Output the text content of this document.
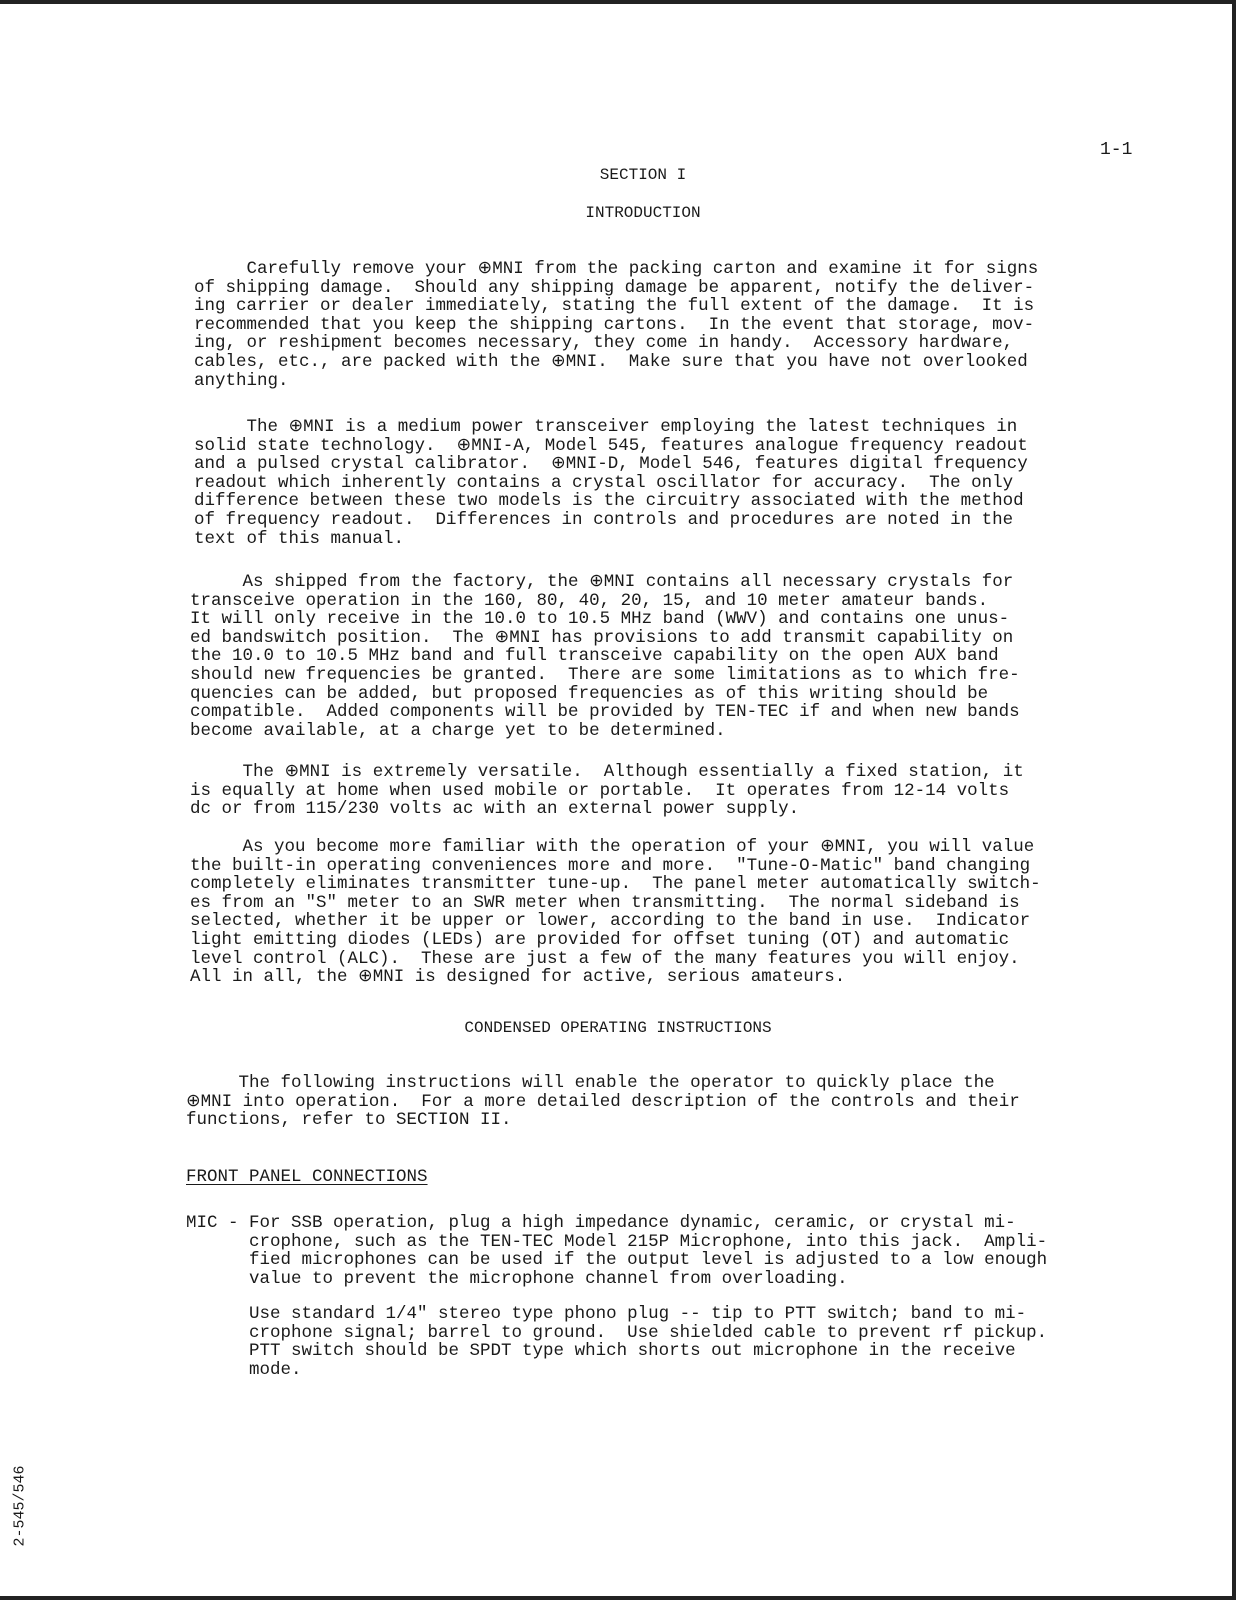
1-1
SECTION I
INTRODUCTION
Carefully remove your ⊕MNI from the packing carton and examine it for signs
of shipping damage.  Should any shipping damage be apparent, notify the deliver-
ing carrier or dealer immediately, stating the full extent of the damage.  It is
recommended that you keep the shipping cartons.  In the event that storage, mov-
ing, or reshipment becomes necessary, they come in handy.  Accessory hardware,
cables, etc., are packed with the ⊕MNI.  Make sure that you have not overlooked
anything.
The ⊕MNI is a medium power transceiver employing the latest techniques in
solid state technology.  ⊕MNI-A, Model 545, features analogue frequency readout
and a pulsed crystal calibrator.  ⊕MNI-D, Model 546, features digital frequency
readout which inherently contains a crystal oscillator for accuracy.  The only
difference between these two models is the circuitry associated with the method
of frequency readout.  Differences in controls and procedures are noted in the
text of this manual.
As shipped from the factory, the ⊕MNI contains all necessary crystals for
transceive operation in the 160, 80, 40, 20, 15, and 10 meter amateur bands.
It will only receive in the 10.0 to 10.5 MHz band (WWV) and contains one unus-
ed bandswitch position.  The ⊕MNI has provisions to add transmit capability on
the 10.0 to 10.5 MHz band and full transceive capability on the open AUX band
should new frequencies be granted.  There are some limitations as to which fre-
quencies can be added, but proposed frequencies as of this writing should be
compatible.  Added components will be provided by TEN-TEC if and when new bands
become available, at a charge yet to be determined.
The ⊕MNI is extremely versatile.  Although essentially a fixed station, it
is equally at home when used mobile or portable.  It operates from 12-14 volts
dc or from 115/230 volts ac with an external power supply.
As you become more familiar with the operation of your ⊕MNI, you will value
the built-in operating conveniences more and more.  "Tune-O-Matic" band changing
completely eliminates transmitter tune-up.  The panel meter automatically switch-
es from an "S" meter to an SWR meter when transmitting.  The normal sideband is
selected, whether it be upper or lower, according to the band in use.  Indicator
light emitting diodes (LEDs) are provided for offset tuning (OT) and automatic
level control (ALC).  These are just a few of the many features you will enjoy.
All in all, the ⊕MNI is designed for active, serious amateurs.
CONDENSED OPERATING INSTRUCTIONS
The following instructions will enable the operator to quickly place the
⊕MNI into operation.  For a more detailed description of the controls and their
functions, refer to SECTION II.
FRONT PANEL CONNECTIONS
MIC - For SSB operation, plug a high impedance dynamic, ceramic, or crystal mi-
crophone, such as the TEN-TEC Model 215P Microphone, into this jack.  Ampli-
fied microphones can be used if the output level is adjusted to a low enough
value to prevent the microphone channel from overloading.
Use standard 1/4" stereo type phono plug -- tip to PTT switch; band to mi-
crophone signal; barrel to ground.  Use shielded cable to prevent rf pickup.
PTT switch should be SPDT type which shorts out microphone in the receive
mode.
2-545/546
